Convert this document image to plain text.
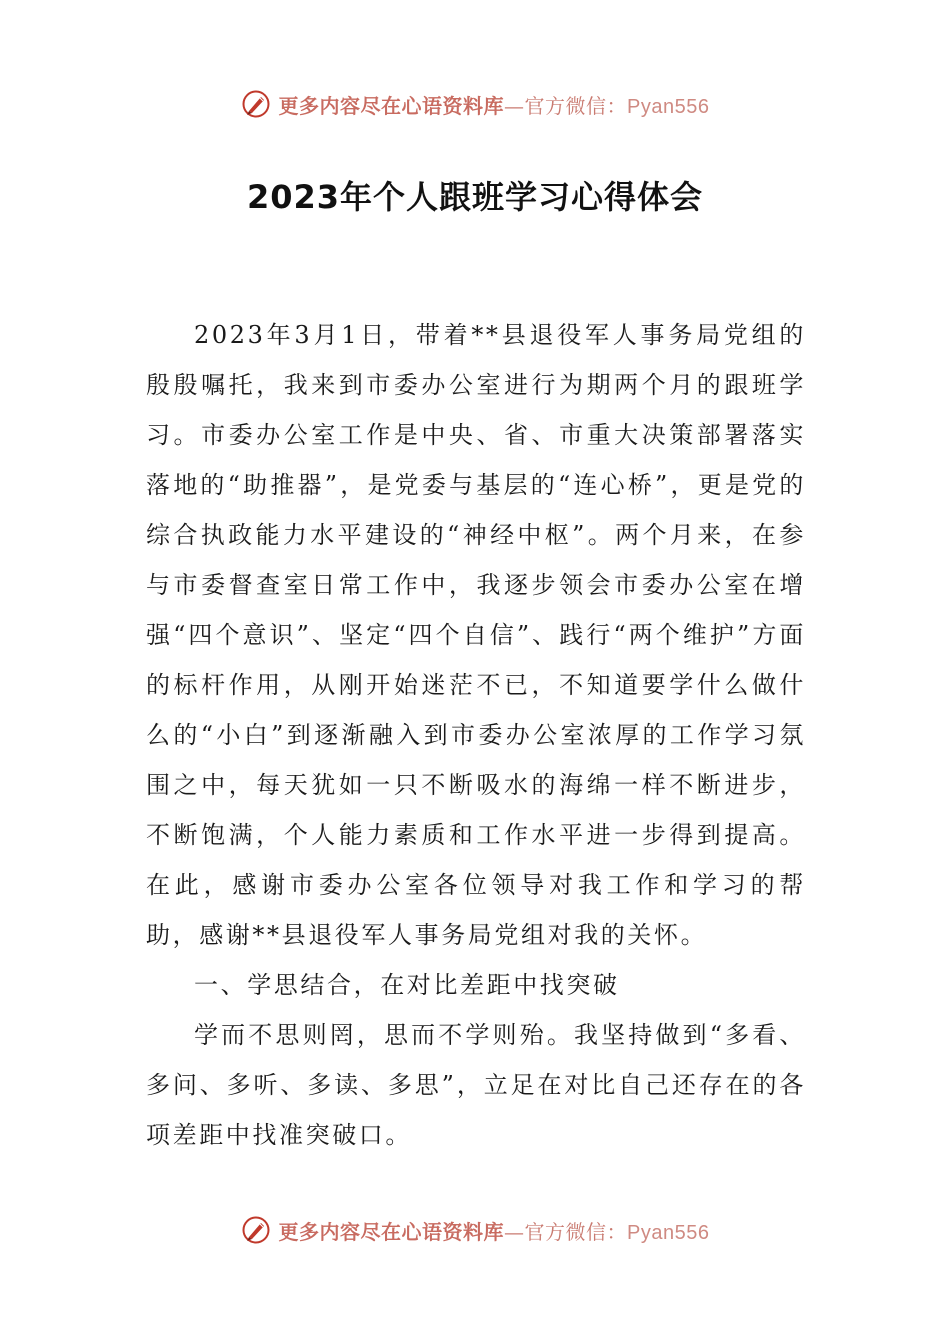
更多内容尽在心语资料库—官方微信：Pyan556
2023年个人跟班学习心得体会

2023年3月1日，带着**县退役军人事务局党组的殷殷嘱托，我来到市委办公室进行为期两个月的跟班学习。市委办公室工作是中央、省、市重大决策部署落实落地的“助推器”，是党委与基层的“连心桥”，更是党的综合执政能力水平建设的“神经中枢”。两个月来，在参与市委督查室日常工作中，我逐步领会市委办公室在增强“四个意识”、坚定“四个自信”、践行“两个维护”方面的标杆作用，从刚开始迷茫不已，不知道要学什么做什么的“小白”到逐渐融入到市委办公室浓厚的工作学习氛围之中，每天犹如一只不断吸水的海绵一样不断进步，不断饱满，个人能力素质和工作水平进一步得到提高。在此，感谢市委办公室各位领导对我工作和学习的帮助，感谢**县退役军人事务局党组对我的关怀。

一、学思结合，在对比差距中找突破

学而不思则罔，思而不学则殆。我坚持做到“多看、多问、多听、多读、多思”，立足在对比自己还存在的各项差距中找准突破口。

更多内容尽在心语资料库—官方微信：Pyan556
